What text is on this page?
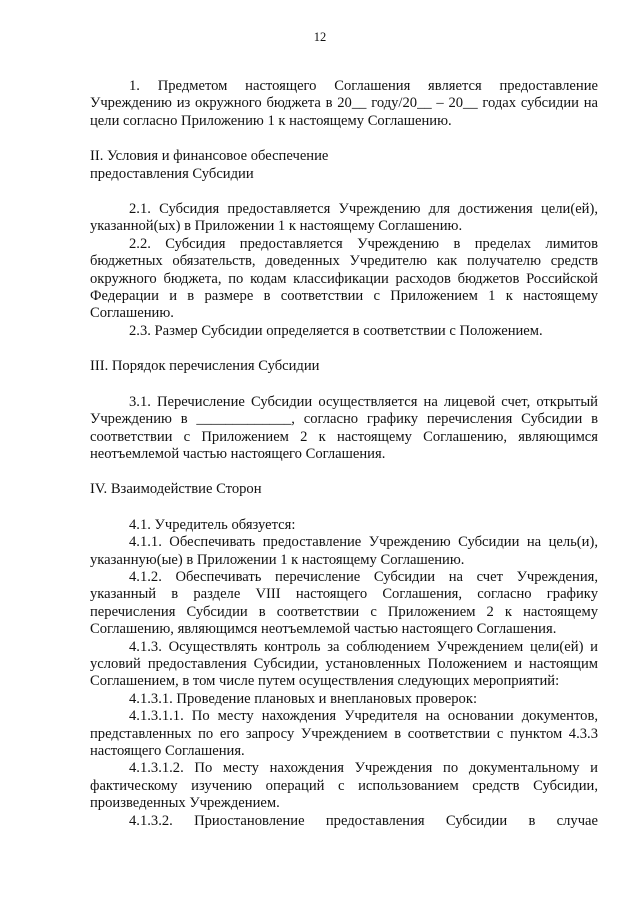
12

1. Предметом настоящего Соглашения является предоставление Учреждению из окружного бюджета в 20__ году/20__ – 20__ годах субсидии на цели согласно Приложению 1 к настоящему Соглашению.

II. Условия и финансовое обеспечение

предоставления Субсидии

2.1. Субсидия предоставляется Учреждению для достижения цели(ей), указанной(ых) в Приложении 1 к настоящему Соглашению.

2.2. Субсидия предоставляется Учреждению в пределах лимитов бюджетных обязательств, доведенных Учредителю как получателю средств окружного бюджета, по кодам классификации расходов бюджетов Российской Федерации и в размере в соответствии с Приложением 1 к настоящему Соглашению.

2.3. Размер Субсидии определяется в соответствии с Положением.

III. Порядок перечисления Субсидии

3.1. Перечисление Субсидии осуществляется на лицевой счет, открытый Учреждению в _____________, согласно графику перечисления Субсидии в соответствии с Приложением 2 к настоящему Соглашению, являющимся неотъемлемой частью настоящего Соглашения.

IV. Взаимодействие Сторон

4.1. Учредитель обязуется:

4.1.1. Обеспечивать предоставление Учреждению Субсидии на цель(и), указанную(ые) в Приложении 1 к настоящему Соглашению.

4.1.2. Обеспечивать перечисление Субсидии на счет Учреждения, указанный в разделе VIII настоящего Соглашения, согласно графику перечисления Субсидии в соответствии с Приложением 2 к настоящему Соглашению, являющимся неотъемлемой частью настоящего Соглашения.

4.1.3. Осуществлять контроль за соблюдением Учреждением цели(ей) и условий предоставления Субсидии, установленных Положением и настоящим Соглашением, в том числе путем осуществления следующих мероприятий:

4.1.3.1. Проведение плановых и внеплановых проверок:

4.1.3.1.1. По месту нахождения Учредителя на основании документов, представленных по его запросу Учреждением в соответствии с пунктом 4.3.3 настоящего Соглашения.

4.1.3.1.2. По месту нахождения Учреждения по документальному и фактическому изучению операций с использованием средств Субсидии, произведенных Учреждением.

4.1.3.2. Приостановление предоставления Субсидии в случае
